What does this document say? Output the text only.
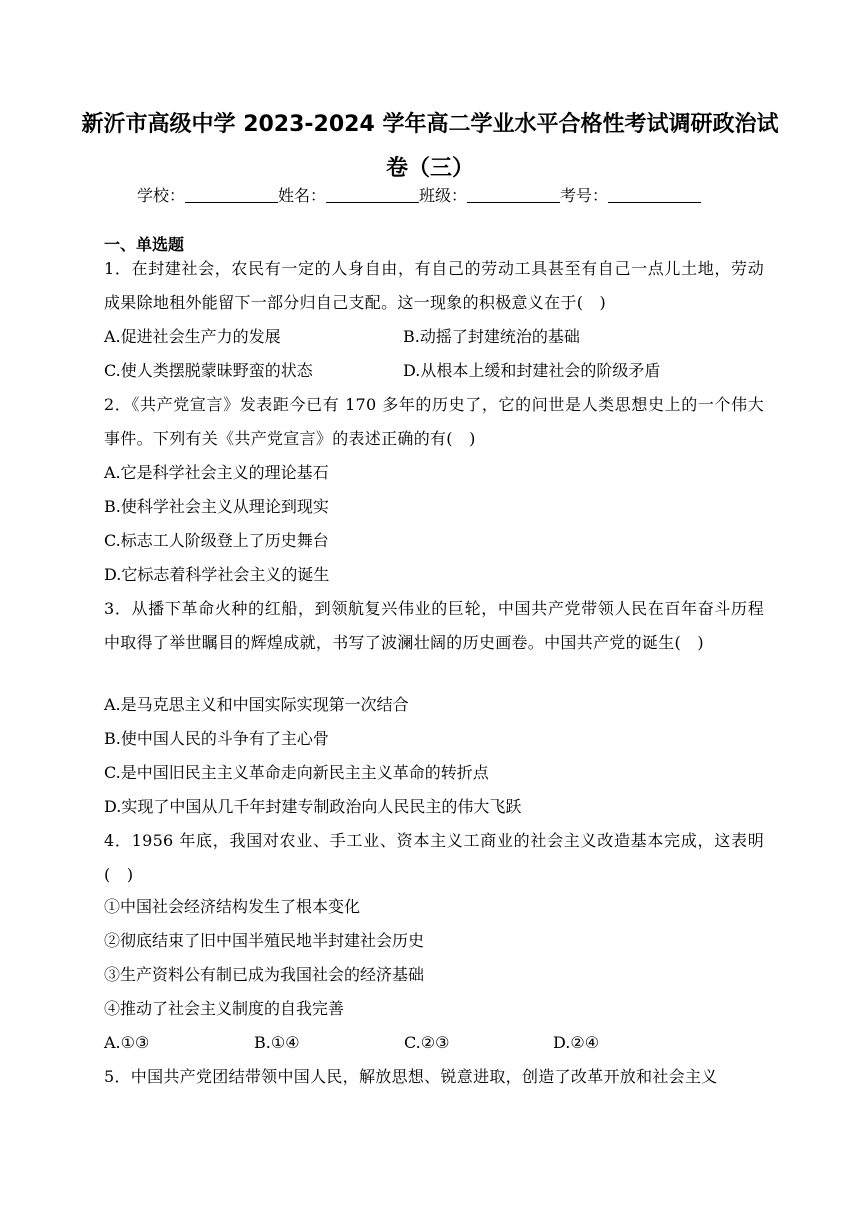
新沂市高级中学 2023-2024 学年高二学业水平合格性考试调研政治试卷（三）
学校：	姓名：	班级：	考号：
一、单选题
1．在封建社会，农民有一定的人身自由，有自己的劳动工具甚至有自己一点儿土地，劳动成果除地租外能留下一部分归自己支配。这一现象的积极意义在于(　)
A.促进社会生产力的发展	B.动摇了封建统治的基础
C.使人类摆脱蒙昧野蛮的状态	D.从根本上缓和封建社会的阶级矛盾
2．《共产党宣言》发表距今已有 170 多年的历史了，它的问世是人类思想史上的一个伟大事件。下列有关《共产党宣言》的表述正确的有(　)
A.它是科学社会主义的理论基石
B.使科学社会主义从理论到现实
C.标志工人阶级登上了历史舞台
D.它标志着科学社会主义的诞生
3．从播下革命火种的红船，到领航复兴伟业的巨轮，中国共产党带领人民在百年奋斗历程中取得了举世瞩目的辉煌成就，书写了波澜壮阔的历史画卷。中国共产党的诞生(　)
A.是马克思主义和中国实际实现第一次结合
B.使中国人民的斗争有了主心骨
C.是中国旧民主主义革命走向新民主主义革命的转折点
D.实现了中国从几千年封建专制政治向人民民主的伟大飞跃
4．1956 年底，我国对农业、手工业、资本主义工商业的社会主义改造基本完成，这表明(　)
①中国社会经济结构发生了根本变化
②彻底结束了旧中国半殖民地半封建社会历史
③生产资料公有制已成为我国社会的经济基础
④推动了社会主义制度的自我完善
A.①③	B.①④	C.②③	D.②④
5．中国共产党团结带领中国人民，解放思想、锐意进取，创造了改革开放和社会主义
